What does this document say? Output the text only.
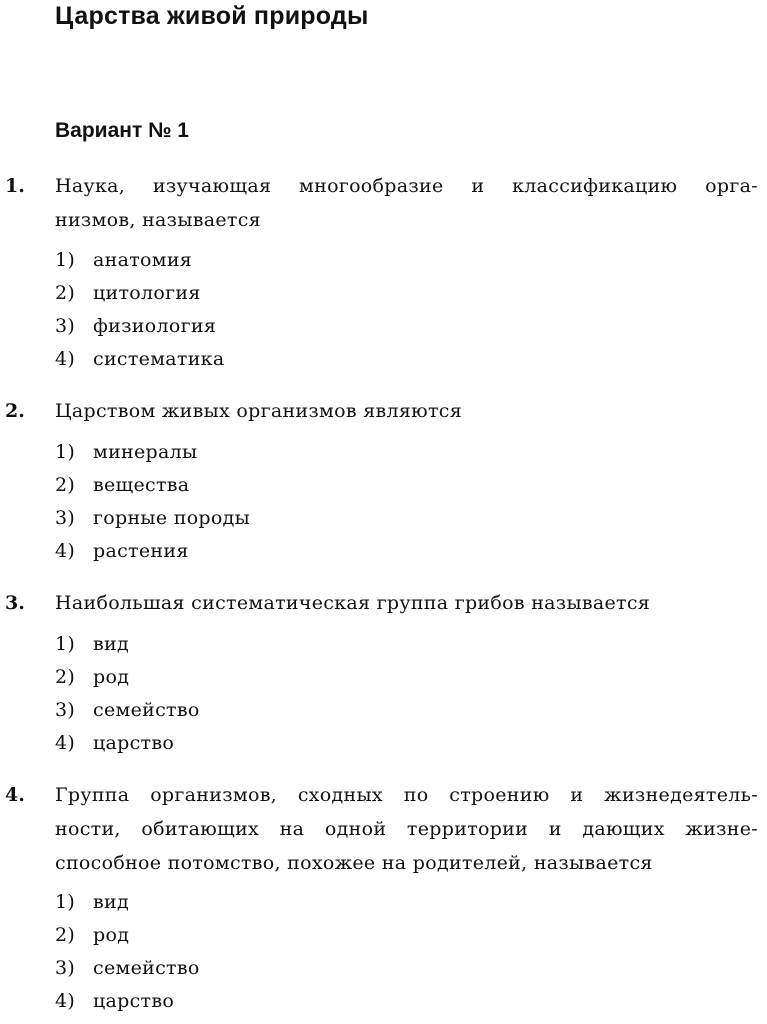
Царства живой природы
Вариант № 1
1. Наука, изучающая многообразие и классификацию орга-
низмов, называется
1) анатомия
2) цитология
3) физиология
4) систематика
2. Царством живых организмов являются
1) минералы
2) вещества
3) горные породы
4) растения
3. Наибольшая систематическая группа грибов называется
1) вид
2) род
3) семейство
4) царство
4. Группа организмов, сходных по строению и жизнедеятель-
ности, обитающих на одной территории и дающих жизне-
способное потомство, похожее на родителей, называется
1) вид
2) род
3) семейство
4) царство
